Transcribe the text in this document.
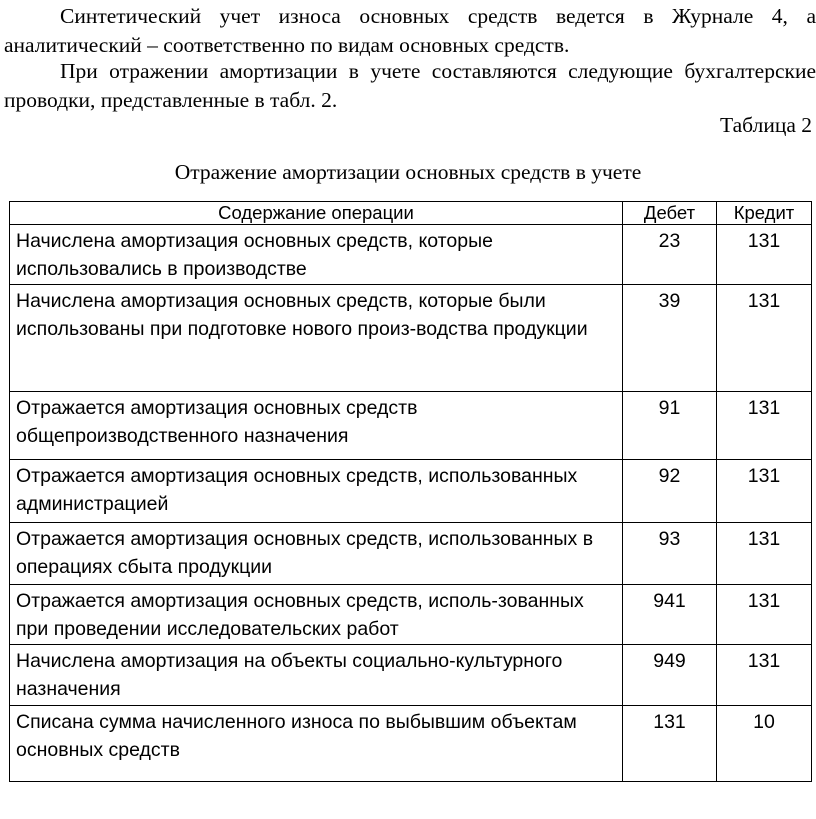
Синтетический учет износа основных средств ведется в Журнале 4, а аналитический – соответственно по видам основных средств.

При отражении амортизации в учете составляются следующие бухгалтерские проводки, представленные в табл. 2.

Таблица 2

Отражение амортизации основных средств в учете

Содержание операции	Дебет	Кредит
Начислена амортизация основных средств, которые использовались в производстве	23	131
Начислена амортизация основных средств, которые были использованы при подготовке нового произ-водства продукции	39	131
Отражается амортизация основных средств общепроизводственного назначения	91	131
Отражается амортизация основных средств, использованных администрацией	92	131
Отражается амортизация основных средств, использованных в операциях сбыта продукции	93	131
Отражается амортизация основных средств, исполь-зованных при проведении исследовательских работ	941	131
Начислена амортизация на объекты социально-культурного назначения	949	131
Списана сумма начисленного износа по выбывшим объектам основных средств	131	10
